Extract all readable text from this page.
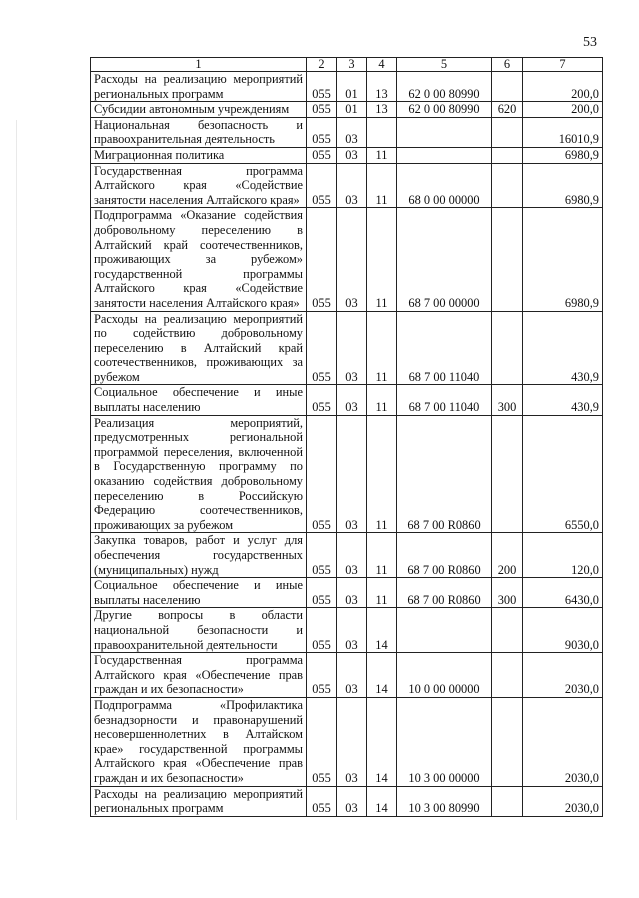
53
1	2	3	4	5	6	7
Расходы на реализацию мероприятий региональных программ	055	01	13	62 0 00 80990		200,0
Субсидии автономным учреждениям	055	01	13	62 0 00 80990	620	200,0
Национальная безопасность и правоохранительная деятельность	055	03				16010,9
Миграционная политика	055	03	11			6980,9
Государственная программа Алтайского края «Содействие занятости населения Алтайского края»	055	03	11	68 0 00 00000		6980,9
Подпрограмма «Оказание содействия добровольному переселению в Алтайский край соотечественников, проживающих за рубежом» государственной программы Алтайского края «Содействие занятости населения Алтайского края»	055	03	11	68 7 00 00000		6980,9
Расходы на реализацию мероприятий по содействию добровольному переселению в Алтайский край соотечественников, проживающих за рубежом	055	03	11	68 7 00 11040		430,9
Социальное обеспечение и иные выплаты населению	055	03	11	68 7 00 11040	300	430,9
Реализация мероприятий, предусмотренных региональной программой переселения, включенной в Государственную программу по оказанию содействия добровольному переселению в Российскую Федерацию соотечественников, проживающих за рубежом	055	03	11	68 7 00 R0860		6550,0
Закупка товаров, работ и услуг для обеспечения государственных (муниципальных) нужд	055	03	11	68 7 00 R0860	200	120,0
Социальное обеспечение и иные выплаты населению	055	03	11	68 7 00 R0860	300	6430,0
Другие вопросы в области национальной безопасности и правоохранительной деятельности	055	03	14			9030,0
Государственная программа Алтайского края «Обеспечение прав граждан и их безопасности»	055	03	14	10 0 00 00000		2030,0
Подпрограмма «Профилактика безнадзорности и правонарушений несовершеннолетних в Алтайском крае» государственной программы Алтайского края «Обеспечение прав граждан и их безопасности»	055	03	14	10 3 00 00000		2030,0
Расходы на реализацию мероприятий региональных программ	055	03	14	10 3 00 80990		2030,0
